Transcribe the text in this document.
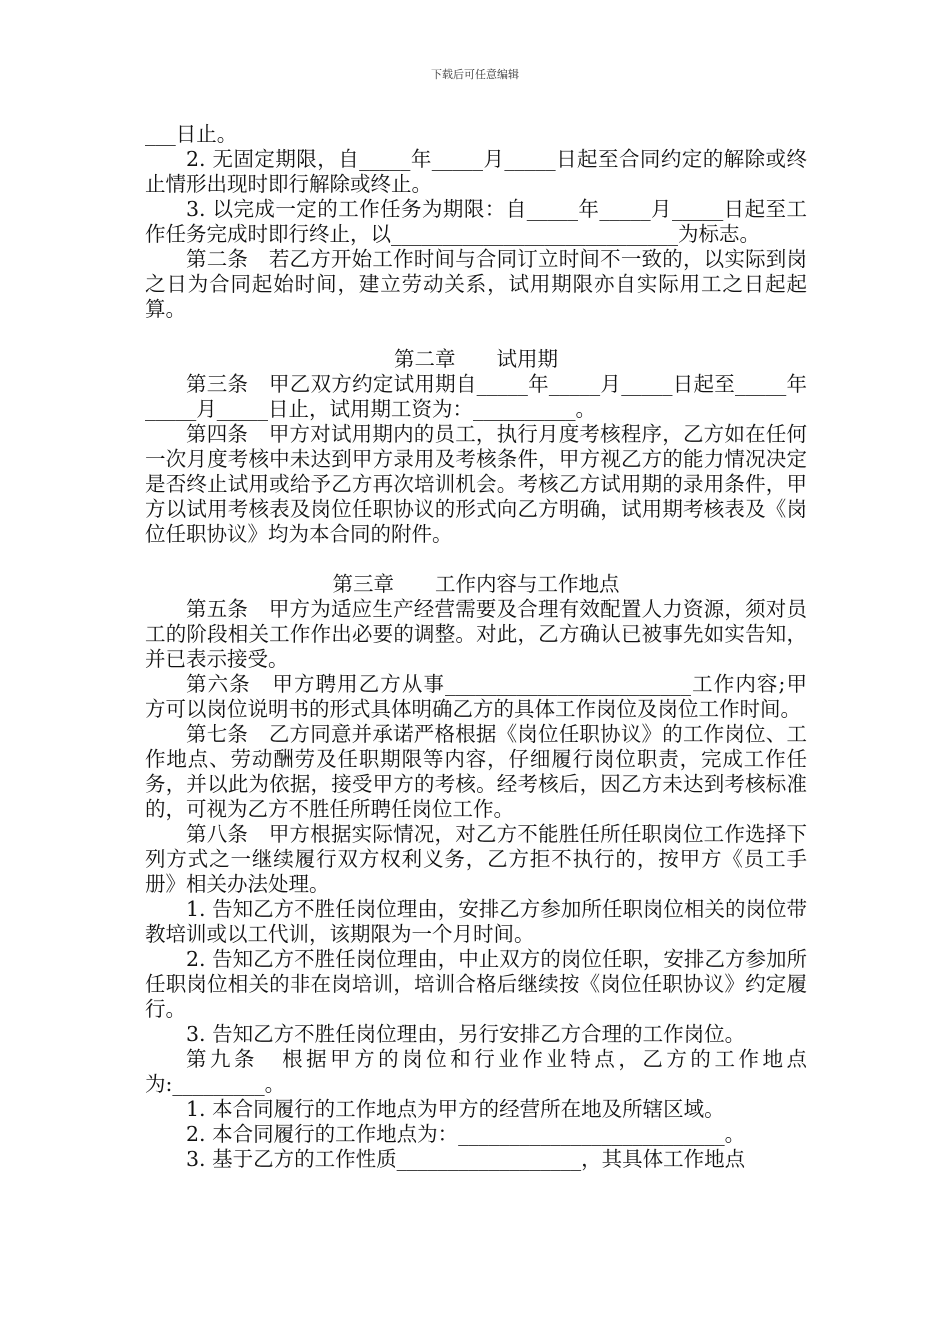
下载后可任意编辑

___日止。

2. 无固定期限，自_____年_____月_____日起至合同约定的解除或终止情形出现时即行解除或终止。

3. 以完成一定的工作任务为期限：自_____年_____月_____日起至工作任务完成时即行终止，以____________________________为标志。

第二条　若乙方开始工作时间与合同订立时间不一致的，以实际到岗之日为合同起始时间，建立劳动关系，试用期限亦自实际用工之日起起算。

第二章　　试用期

第三条　甲乙双方约定试用期自_____年_____月_____日起至_____年_____月_____日止，试用期工资为：__________。

第四条　甲方对试用期内的员工，执行月度考核程序，乙方如在任何一次月度考核中未达到甲方录用及考核条件，甲方视乙方的能力情况决定是否终止试用或给予乙方再次培训机会。考核乙方试用期的录用条件，甲方以试用考核表及岗位任职协议的形式向乙方明确，试用期考核表及《岗位任职协议》均为本合同的附件。

第三章　　工作内容与工作地点

第五条　甲方为适应生产经营需要及合理有效配置人力资源，须对员工的阶段相关工作作出必要的调整。对此，乙方确认已被事先如实告知，并已表示接受。

第六条　甲方聘用乙方从事________________________工作内容;甲方可以岗位说明书的形式具体明确乙方的具体工作岗位及岗位工作时间。

第七条　乙方同意并承诺严格根据《岗位任职协议》的工作岗位、工作地点、劳动酬劳及任职期限等内容，仔细履行岗位职责，完成工作任务，并以此为依据，接受甲方的考核。经考核后，因乙方未达到考核标准的，可视为乙方不胜任所聘任岗位工作。

第八条　甲方根据实际情况，对乙方不能胜任所任职岗位工作选择下列方式之一继续履行双方权利义务，乙方拒不执行的，按甲方《员工手册》相关办法处理。

1. 告知乙方不胜任岗位理由，安排乙方参加所任职岗位相关的岗位带教培训或以工代训，该期限为一个月时间。

2. 告知乙方不胜任岗位理由，中止双方的岗位任职，安排乙方参加所任职岗位相关的非在岗培训，培训合格后继续按《岗位任职协议》约定履行。

3. 告知乙方不胜任岗位理由，另行安排乙方合理的工作岗位。

第九条　根据甲方的岗位和行业作业特点，乙方的工作地点为:_________。

1. 本合同履行的工作地点为甲方的经营所在地及所辖区域。

2. 本合同履行的工作地点为：__________________________。

3. 基于乙方的工作性质__________________，其具体工作地点
